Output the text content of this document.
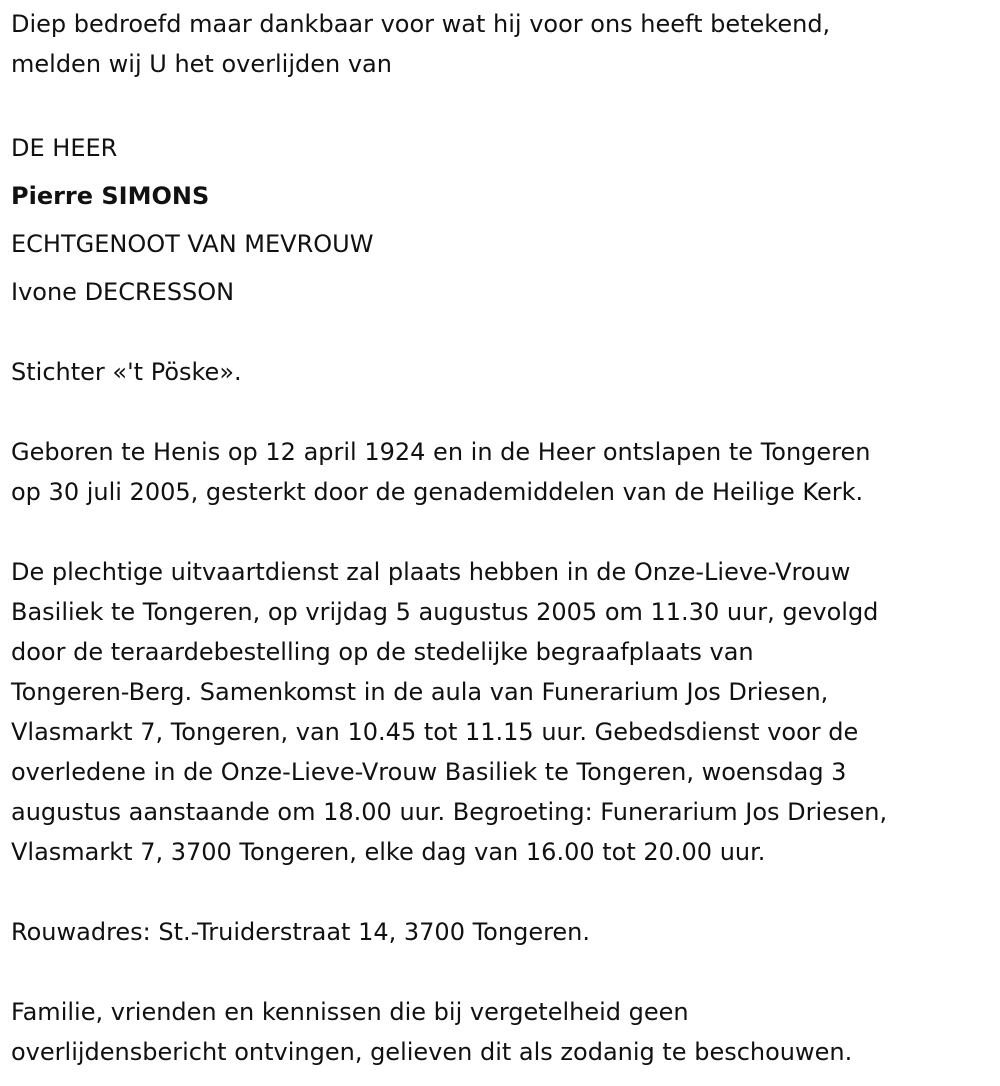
Diep bedroefd maar dankbaar voor wat hij voor ons heeft betekend,
melden wij U het overlijden van
DE HEER
Pierre SIMONS
ECHTGENOOT VAN MEVROUW
Ivone DECRESSON
Stichter «'t Pöske».
Geboren te Henis op 12 april 1924 en in de Heer ontslapen te Tongeren
op 30 juli 2005, gesterkt door de genademiddelen van de Heilige Kerk.
De plechtige uitvaartdienst zal plaats hebben in de Onze-Lieve-Vrouw
Basiliek te Tongeren, op vrijdag 5 augustus 2005 om 11.30 uur, gevolgd
door de teraardebestelling op de stedelijke begraafplaats van
Tongeren-Berg. Samenkomst in de aula van Funerarium Jos Driesen,
Vlasmarkt 7, Tongeren, van 10.45 tot 11.15 uur. Gebedsdienst voor de
overledene in de Onze-Lieve-Vrouw Basiliek te Tongeren, woensdag 3
augustus aanstaande om 18.00 uur. Begroeting: Funerarium Jos Driesen,
Vlasmarkt 7, 3700 Tongeren, elke dag van 16.00 tot 20.00 uur.
Rouwadres: St.-Truiderstraat 14, 3700 Tongeren.
Familie, vrienden en kennissen die bij vergetelheid geen
overlijdensbericht ontvingen, gelieven dit als zodanig te beschouwen.
